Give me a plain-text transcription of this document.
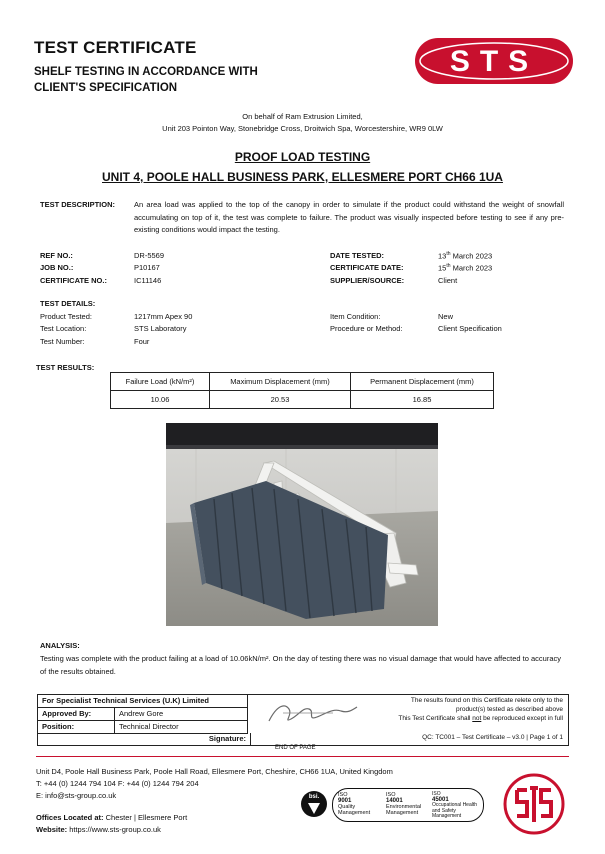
TEST CERTIFICATE
SHELF TESTING IN ACCORDANCE WITH CLIENT'S SPECIFICATION
STS
On behalf of Ram Extrusion Limited,
Unit 203 Pointon Way, Stonebridge Cross, Droitwich Spa, Worcestershire, WR9 0LW
PROOF LOAD TESTING
UNIT 4, POOLE HALL BUSINESS PARK, ELLESMERE PORT CH66 1UA
TEST DESCRIPTION:	An area load was applied to the top of the canopy in order to simulate if the product could withstand the weight of snowfall accumulating on top of it, the test was complete to failure. The product was visually inspected before testing to see if any pre-existing conditions would impact the testing.
REF NO.:	DR-5569
JOB NO.:	P10167
CERTIFICATE NO.:	IC11146
DATE TESTED:	13th March 2023
CERTIFICATE DATE:	15th March 2023
SUPPLIER/SOURCE:	Client
TEST DETAILS:
Product Tested:	1217mm Apex 90
Test Location:	STS Laboratory
Test Number:	Four
Item Condition:	New
Procedure or Method:	Client Specification
TEST RESULTS:
Failure Load (kN/m²)	Maximum Displacement (mm)	Permanent Displacement (mm)
10.06	20.53	16.85
ANALYSIS:
Testing was complete with the product failing at a load of 10.06kN/m². On the day of testing there was no visual damage that would have affected to accuracy of the results obtained.
For Specialist Technical Services (U.K) Limited
Approved By:	Andrew Gore
Position:	Technical Director
Signature:
The results found on this Certificate relete only to the
product(s) tested as described above
This Test Certificate shall not be reproduced except in full
QC: TC001 – Test Certificate – v3.0 | Page 1 of 1
END OF PAGE
Unit D4, Poole Hall Business Park, Poole Hall Road, Ellesmere Port, Cheshire, CH66 1UA, United Kingdom
T: +44 (0) 1244 794 104 F: +44 (0) 1244 794 204
E: info@sts-group.co.uk
Offices Located at: Chester | Ellesmere Port
Website: https://www.sts-group.co.uk
bsi.	ISO
9001
Quality Management
ISO
14001
Environmental Management
ISO
45001
Occupational Health and Safety Management
